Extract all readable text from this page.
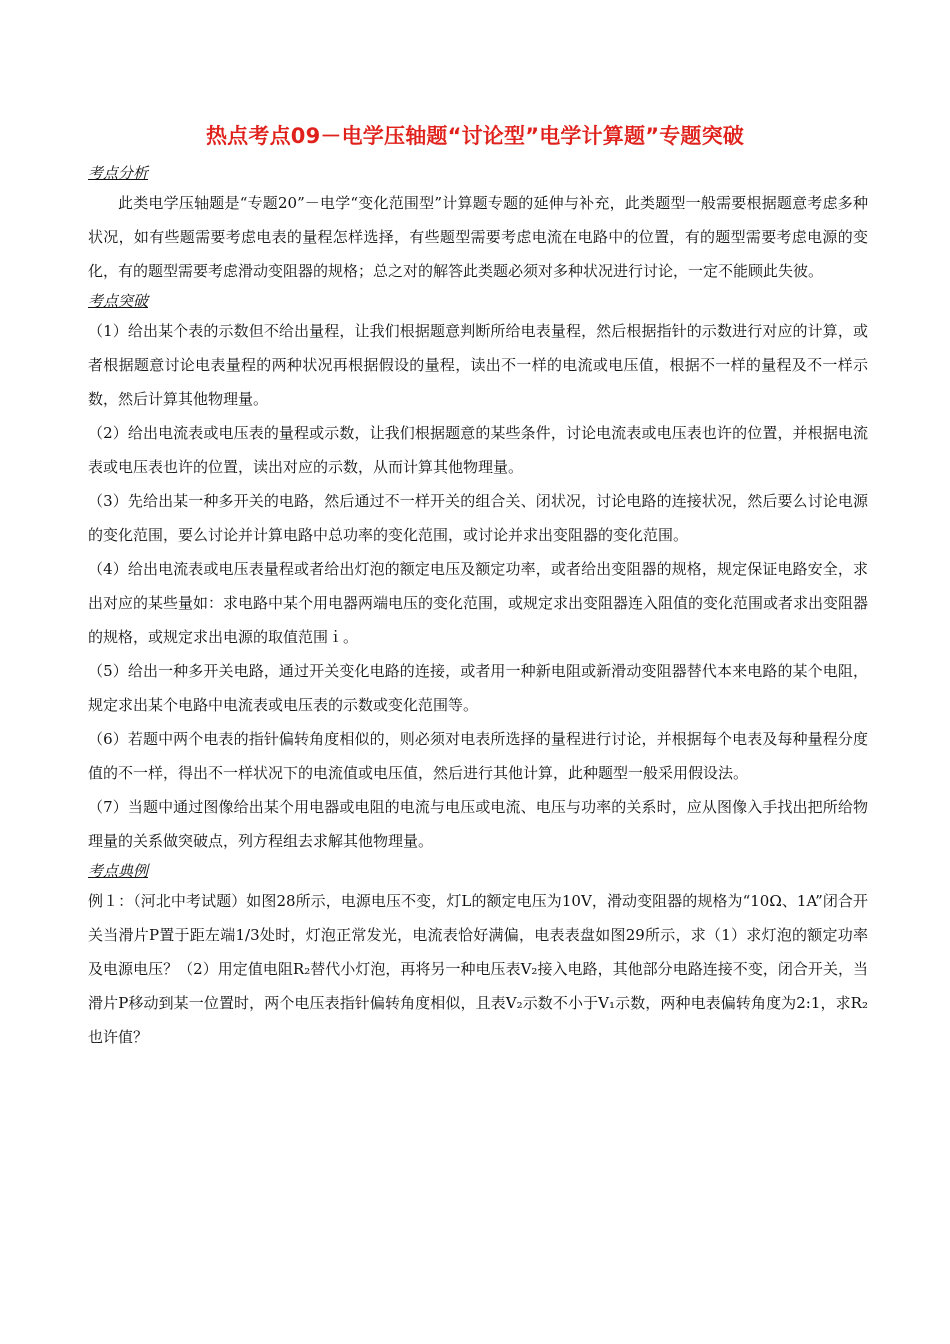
热点考点09－电学压轴题“讨论型”电学计算题”专题突破
考点分析

此类电学压轴题是“专题20”－电学“变化范围型”计算题专题的延伸与补充，此类题型一般需要根据题意考虑多种状况，如有些题需要考虑电表的量程怎样选择，有些题型需要考虑电流在电路中的位置，有的题型需要考虑电源的变化，有的题型需要考虑滑动变阻器的规格；总之对的解答此类题必须对多种状况进行讨论，一定不能顾此失彼。

考点突破

（1）给出某个表的示数但不给出量程，让我们根据题意判断所给电表量程，然后根据指针的示数进行对应的计算，或者根据题意讨论电表量程的两种状况再根据假设的量程，读出不一样的电流或电压值，根据不一样的量程及不一样示数，然后计算其他物理量。

（2）给出电流表或电压表的量程或示数，让我们根据题意的某些条件，讨论电流表或电压表也许的位置，并根据电流表或电压表也许的位置，读出对应的示数，从而计算其他物理量。

（3）先给出某一种多开关的电路，然后通过不一样开关的组合关、闭状况，讨论电路的连接状况，然后要么讨论电源的变化范围，要么讨论并计算电路中总功率的变化范围，或讨论并求出变阻器的变化范围。

（4）给出电流表或电压表量程或者给出灯泡的额定电压及额定功率，或者给出变阻器的规格，规定保证电路安全，求出对应的某些量如：求电路中某个用电器两端电压的变化范围，或规定求出变阻器连入阻值的变化范围或者求出变阻器的规格，或规定求出电源的取值范围ｉ。

（5）给出一种多开关电路，通过开关变化电路的连接，或者用一种新电阻或新滑动变阻器替代本来电路的某个电阻，规定求出某个电路中电流表或电压表的示数或变化范围等。

（6）若题中两个电表的指针偏转角度相似的，则必须对电表所选择的量程进行讨论，并根据每个电表及每种量程分度值的不一样，得出不一样状况下的电流值或电压值，然后进行其他计算，此种题型一般采用假设法。

（7）当题中通过图像给出某个用电器或电阻的电流与电压或电流、电压与功率的关系时，应从图像入手找出把所给物理量的关系做突破点，列方程组去求解其他物理量。

考点典例

例１：（河北中考试题）如图28所示，电源电压不变，灯L的额定电压为10V，滑动变阻器的规格为“10Ω、1A”闭合开关当滑片P置于距左端1/3处时，灯泡正常发光，电流表恰好满偏，电表表盘如图29所示，求（1）求灯泡的额定功率及电源电压？（2）用定值电阻R₂替代小灯泡，再将另一种电压表V₂接入电路，其他部分电路连接不变，闭合开关，当滑片P移动到某一位置时，两个电压表指针偏转角度相似，且表V₂示数不小于V₁示数，两种电表偏转角度为2:1，求R₂也许值？
